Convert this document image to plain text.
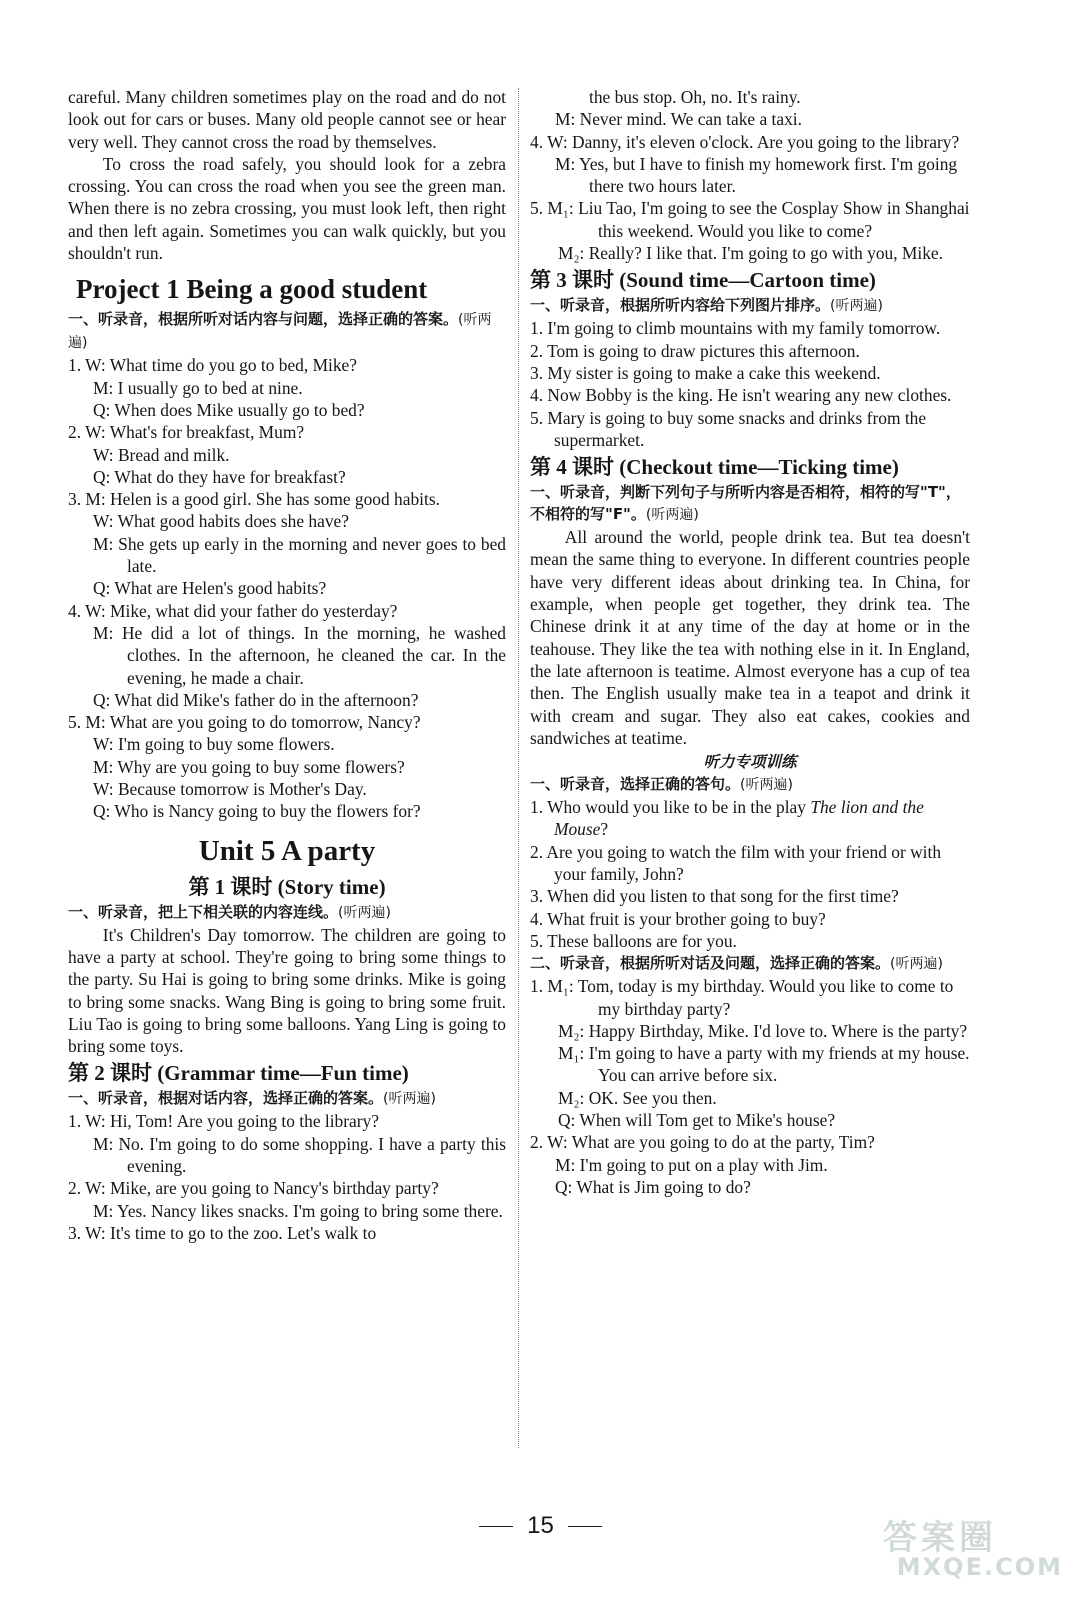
careful. Many children sometimes play on the road and do not look out for cars or buses. Many old people cannot see or hear very well. They cannot cross the road by themselves.

To cross the road safely, you should look for a zebra crossing. You can cross the road when you see the green man. When there is no zebra crossing, you must look left, then right and then left again. Sometimes you can walk quickly, but you shouldn't run.

Project 1 Being a good student

一、听录音，根据所听对话内容与问题，选择正确的答案。(听两遍)

1. W: What time do you go to bed, Mike?

M: I usually go to bed at nine.

Q: When does Mike usually go to bed?

2. W: What's for breakfast, Mum?

W: Bread and milk.

Q: What do they have for breakfast?

3. M: Helen is a good girl. She has some good habits.

W: What good habits does she have?

M: She gets up early in the morning and never goes to bed late.

Q: What are Helen's good habits?

4. W: Mike, what did your father do yesterday?

M: He did a lot of things. In the morning, he washed clothes. In the afternoon, he cleaned the car. In the evening, he made a chair.

Q: What did Mike's father do in the afternoon?

5. M: What are you going to do tomorrow, Nancy?

W: I'm going to buy some flowers.

M: Why are you going to buy some flowers?

W: Because tomorrow is Mother's Day.

Q: Who is Nancy going to buy the flowers for?

Unit 5 A party
第 1 课时 (Story time)

一、听录音，把上下相关联的内容连线。(听两遍)

It's Children's Day tomorrow. The children are going to have a party at school. They're going to bring some things to the party. Su Hai is going to bring some drinks. Mike is going to bring some snacks. Wang Bing is going to bring some fruit. Liu Tao is going to bring some balloons. Yang Ling is going to bring some toys.

第 2 课时 (Grammar time—Fun time)

一、听录音，根据对话内容，选择正确的答案。(听两遍)

1. W: Hi, Tom! Are you going to the library?

M: No. I'm going to do some shopping. I have a party this evening.

2. W: Mike, are you going to Nancy's birthday party?

M: Yes. Nancy likes snacks. I'm going to bring some there.

3. W: It's time to go to the zoo. Let's walk to

the bus stop. Oh, no. It's rainy.

M: Never mind. We can take a taxi.

4. W: Danny, it's eleven o'clock. Are you going to the library?

M: Yes, but I have to finish my homework first. I'm going there two hours later.

5. M₁: Liu Tao, I'm going to see the Cosplay Show in Shanghai this weekend. Would you like to come?

M₂: Really? I like that. I'm going to go with you, Mike.

第 3 课时 (Sound time—Cartoon time)

一、听录音，根据所听内容给下列图片排序。(听两遍)

1. I'm going to climb mountains with my family tomorrow.

2. Tom is going to draw pictures this afternoon.

3. My sister is going to make a cake this weekend.

4. Now Bobby is the king. He isn't wearing any new clothes.

5. Mary is going to buy some snacks and drinks from the supermarket.

第 4 课时 (Checkout time—Ticking time)

一、听录音，判断下列句子与所听内容是否相符，相符的写"T"，不相符的写"F"。(听两遍)

All around the world, people drink tea. But tea doesn't mean the same thing to everyone. In different countries people have very different ideas about drinking tea. In China, for example, when people get together, they drink tea. The Chinese drink it at any time of the day at home or in the teahouse. They like the tea with nothing else in it. In England, the late afternoon is teatime. Almost everyone has a cup of tea then. The English usually make tea in a teapot and drink it with cream and sugar. They also eat cakes, cookies and sandwiches at teatime.

听力专项训练

一、听录音，选择正确的答句。(听两遍)

1. Who would you like to be in the play The lion and the Mouse?

2. Are you going to watch the film with your friend or with your family, John?

3. When did you listen to that song for the first time?

4. What fruit is your brother going to buy?

5. These balloons are for you.

二、听录音，根据所听对话及问题，选择正确的答案。(听两遍)

1. M₁: Tom, today is my birthday. Would you like to come to my birthday party?

M₂: Happy Birthday, Mike. I'd love to. Where is the party?

M₁: I'm going to have a party with my friends at my house. You can arrive before six.

M₂: OK. See you then.

Q: When will Tom get to Mike's house?

2. W: What are you going to do at the party, Tim?

M: I'm going to put on a play with Jim.

Q: What is Jim going to do?

15	答案圈
MXQE.COM
